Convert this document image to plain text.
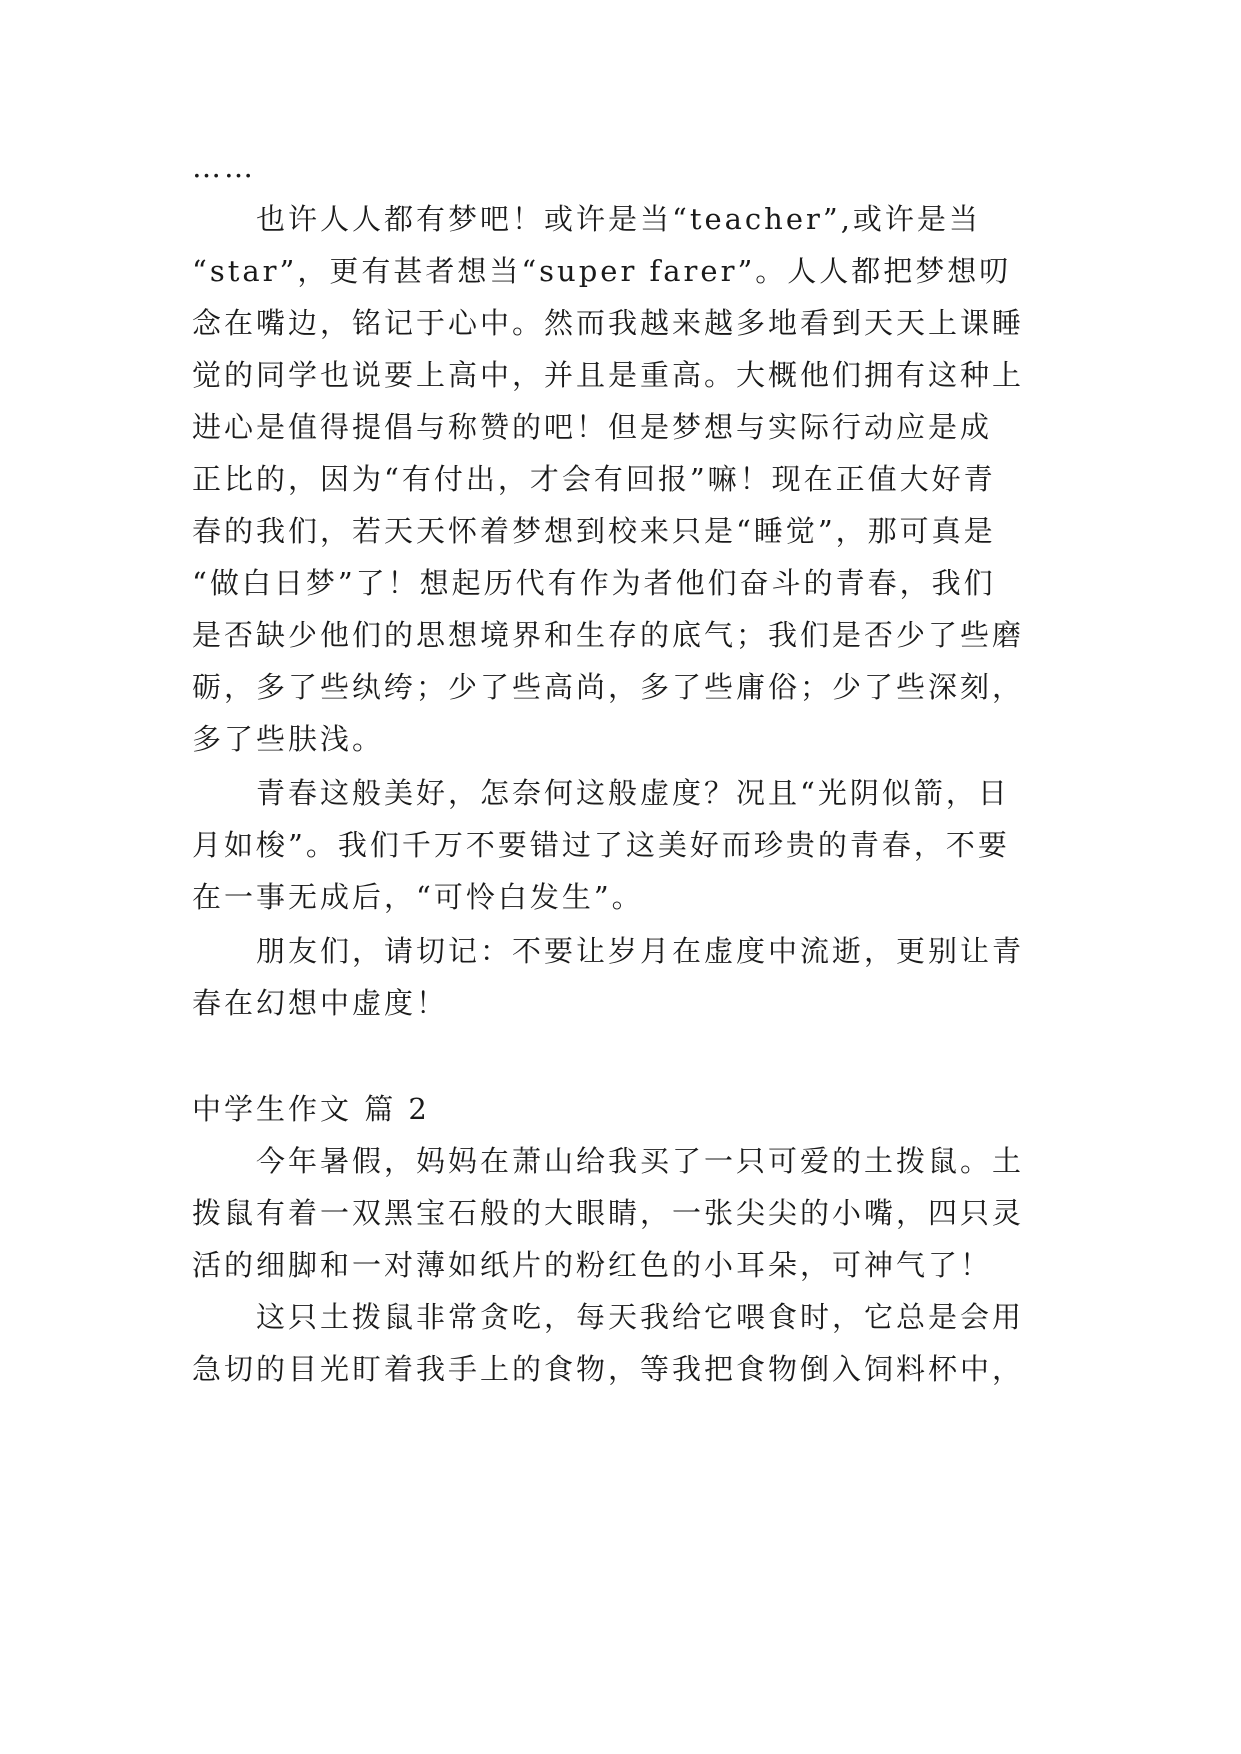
……
　　也许人人都有梦吧！或许是当“teacher”,或许是当
“star”，更有甚者想当“super farer”。人人都把梦想叨
念在嘴边，铭记于心中。然而我越来越多地看到天天上课睡
觉的同学也说要上高中，并且是重高。大概他们拥有这种上
进心是值得提倡与称赞的吧！但是梦想与实际行动应是成
正比的，因为“有付出，才会有回报”嘛！现在正值大好青
春的我们，若天天怀着梦想到校来只是“睡觉”，那可真是
“做白日梦”了！想起历代有作为者他们奋斗的青春，我们
是否缺少他们的思想境界和生存的底气；我们是否少了些磨
砺，多了些纨绔；少了些高尚，多了些庸俗；少了些深刻，
多了些肤浅。
　　青春这般美好，怎奈何这般虚度？况且“光阴似箭，日
月如梭”。我们千万不要错过了这美好而珍贵的青春，不要
在一事无成后，“可怜白发生”。
　　朋友们，请切记：不要让岁月在虚度中流逝，更别让青
春在幻想中虚度！
中学生作文 篇 2
　　今年暑假，妈妈在萧山给我买了一只可爱的土拨鼠。土
拨鼠有着一双黑宝石般的大眼睛，一张尖尖的小嘴，四只灵
活的细脚和一对薄如纸片的粉红色的小耳朵，可神气了！
　　这只土拨鼠非常贪吃，每天我给它喂食时，它总是会用
急切的目光盯着我手上的食物，等我把食物倒入饲料杯中，
